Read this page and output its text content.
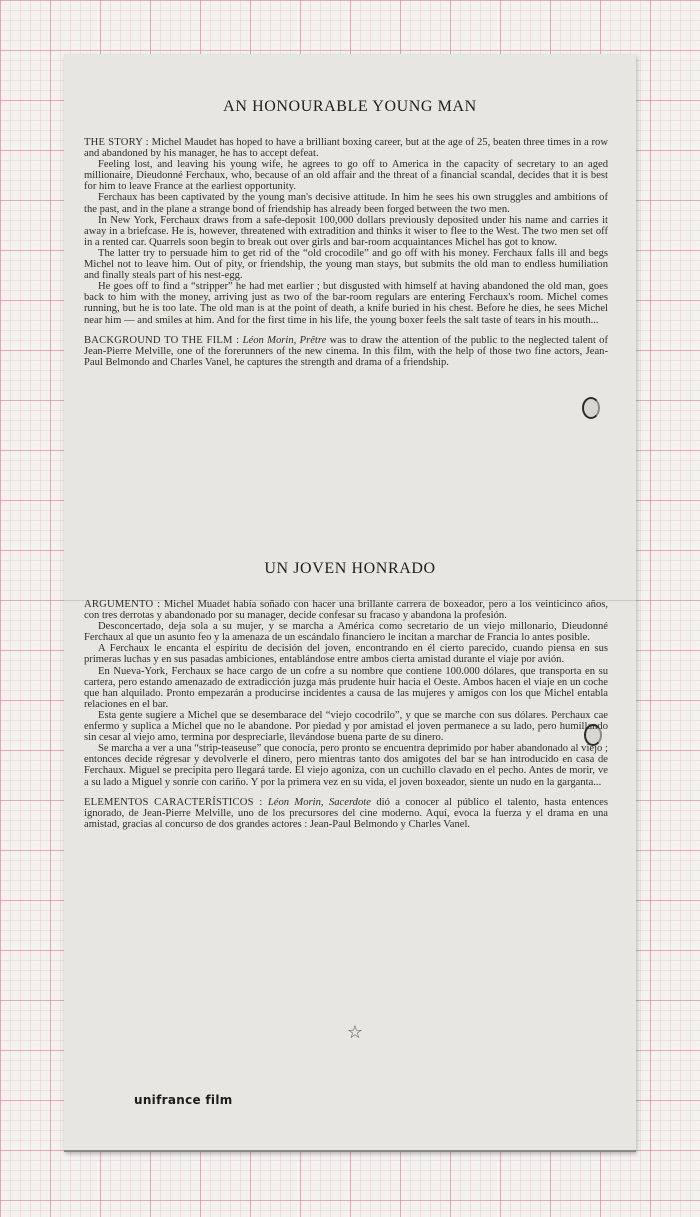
AN HONOURABLE YOUNG MAN

THE STORY : Michel Maudet has hoped to have a brilliant boxing career, but at the age of 25, beaten three times in a row and abandoned by his manager, he has to accept defeat.

Feeling lost, and leaving his young wife, he agrees to go off to America in the capacity of secretary to an aged millionaire, Dieudonné Ferchaux, who, because of an old affair and the threat of a financial scandal, decides that it is best for him to leave France at the earliest opportunity.

Ferchaux has been captivated by the young man's decisive attitude. In him he sees his own struggles and ambitions of the past, and in the plane a strange bond of friendship has already been forged between the two men.

In New York, Ferchaux draws from a safe-deposit 100,000 dollars previously deposited under his name and carries it away in a briefcase. He is, however, threatened with extradition and thinks it wiser to flee to the West. The two men set off in a rented car. Quarrels soon begin to break out over girls and bar-room acquaintances Michel has got to know.

The latter try to persuade him to get rid of the “old crocodile” and go off with his money. Ferchaux falls ill and begs Michel not to leave him. Out of pity, or friendship, the young man stays, but submits the old man to endless humiliation and finally steals part of his nest-egg.

He goes off to find a “stripper” he had met earlier ; but disgusted with himself at having abandoned the old man, goes back to him with the money, arriving just as two of the bar-room regulars are entering Ferchaux's room. Michel comes running, but he is too late. The old man is at the point of death, a knife buried in his chest. Before he dies, he sees Michel near him — and smiles at him. And for the first time in his life, the young boxer feels the salt taste of tears in his mouth...

BACKGROUND TO THE FILM : Léon Morin, Prêtre was to draw the attention of the public to the neglected talent of Jean-Pierre Melville, one of the forerunners of the new cinema. In this film, with the help of those two fine actors, Jean-Paul Belmondo and Charles Vanel, he captures the strength and drama of a friendship.

UN JOVEN HONRADO

ARGUMENTO : Michel Muadet había soñado con hacer una brillante carrera de boxeador, pero a los veinticinco años, con tres derrotas y abandonado por su manager, decide confesar su fracaso y abandona la profesión.

Desconcertado, deja sola a su mujer, y se marcha a América como secretario de un viejo millonario, Dieudonné Ferchaux al que un asunto feo y la amenaza de un escándalo financiero le incitan a marchar de Francia lo antes posible.

A Ferchaux le encanta el espíritu de decisión del joven, encontrando en él cierto parecido, cuando piensa en sus primeras luchas y en sus pasadas ambiciones, entablándose entre ambos cierta amistad durante el viaje por avión.

En Nueva-York, Ferchaux se hace cargo de un cofre a su nombre que contiene 100.000 dólares, que transporta en su cartera, pero estando amenazado de extradicción juzga más prudente huir hacia el Oeste. Ambos hacen el viaje en un coche que han alquilado. Pronto empezarán a producirse incidentes a causa de las mujeres y amigos con los que Michel entabla relaciones en el bar.

Esta gente sugiere a Michel que se desembarace del “viejo cocodrilo”, y que se marche con sus dólares. Perchaux cae enfermo y suplica a Michel que no le abandone. Por piedad y por amistad el joven permanece a su lado, pero humillando sin cesar al viejo amo, termina por despreciarle, llevándose buena parte de su dinero.

Se marcha a ver a una “strip-teaseuse” que conocía, pero pronto se encuentra deprimido por haber abandonado al viejo ; entonces decide régresar y devolverle el dinero, pero mientras tanto dos amigotes del bar se han introducido en casa de Ferchaux. Miguel se precipita pero llegará tarde. El viejo agoniza, con un cuchillo clavado en el pecho. Antes de morir, ve a su lado a Miguel y sonríe con cariño. Y por la primera vez en su vida, el joven boxeador, siente un nudo en la garganta...

ELEMENTOS CARACTERÍSTICOS : Léon Morin, Sacerdote dió a conocer al público el talento, hasta entences ignorado, de Jean-Pierre Melville, uno de los precursores del cine moderno. Aquí, evoca la fuerza y el drama en una amistad, gracias al concurso de dos grandes actores : Jean-Paul Belmondo y Charles Vanel.

☆
unifrance film
